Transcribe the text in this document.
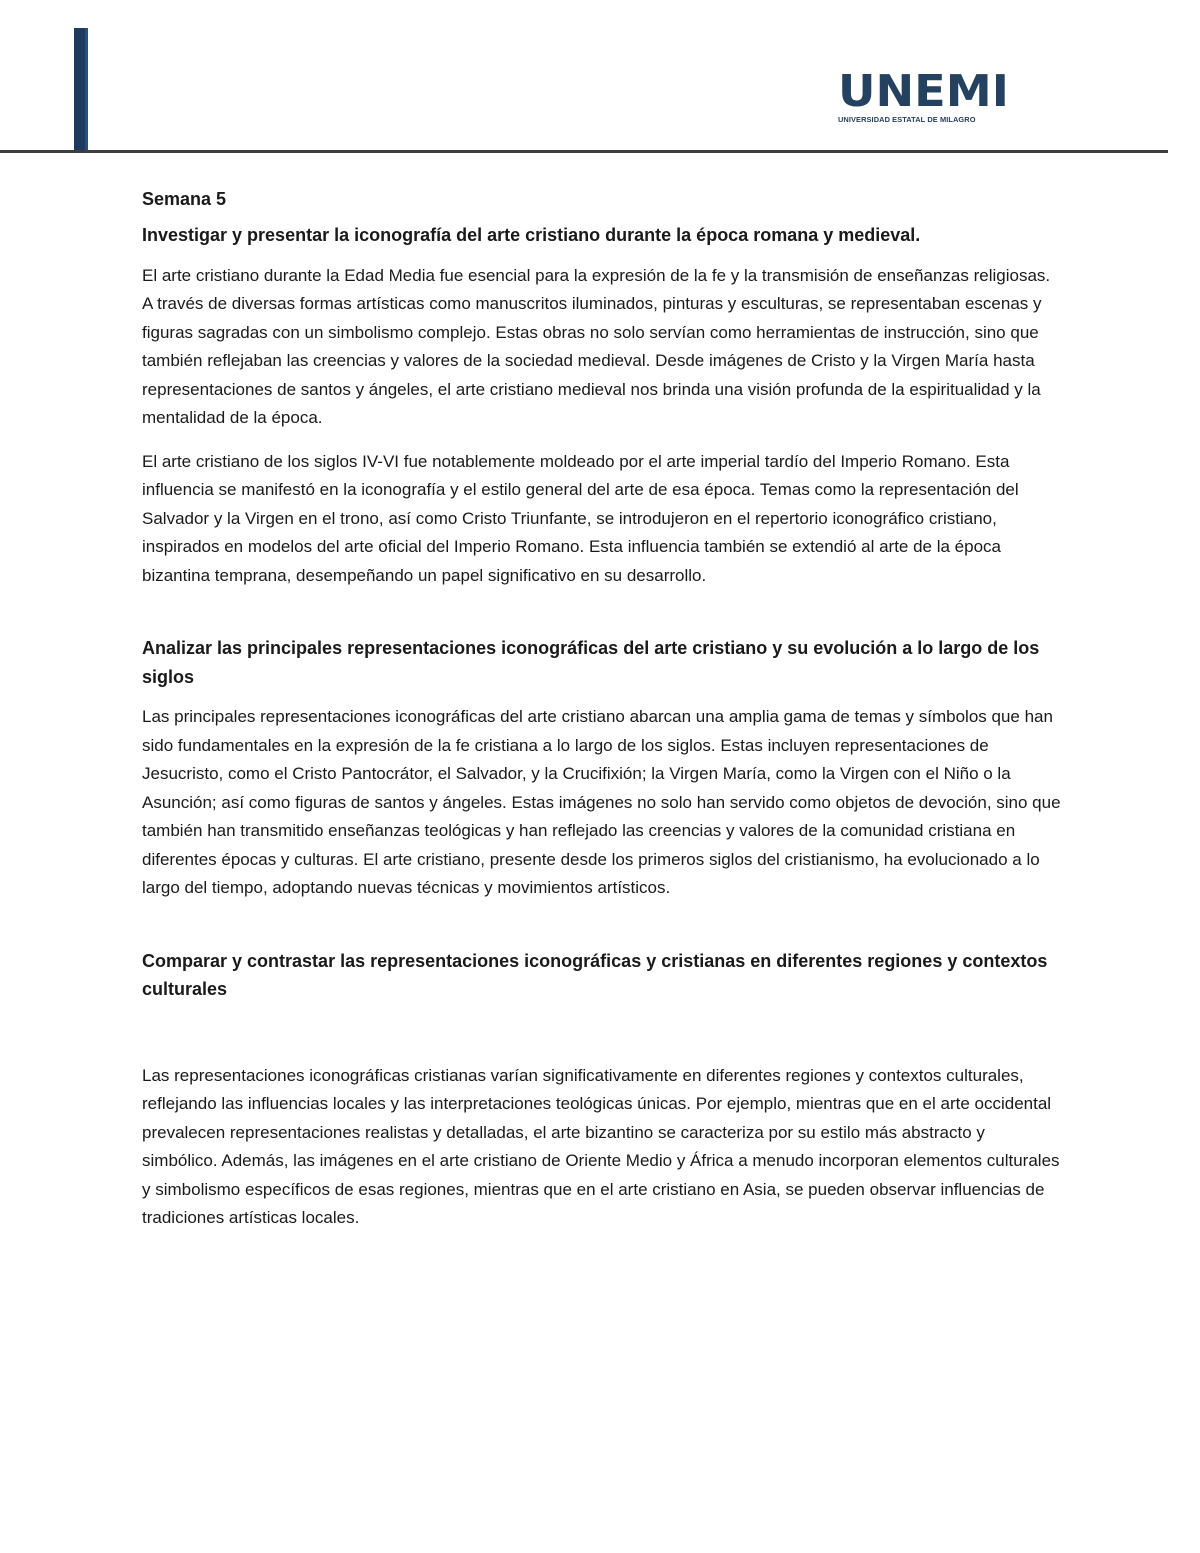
UNEMI
UNIVERSIDAD ESTATAL DE MILAGRO
Semana 5
Investigar y presentar la iconografía del arte cristiano durante la época romana y medieval.

El arte cristiano durante la Edad Media fue esencial para la expresión de la fe y la transmisión de enseñanzas religiosas. A través de diversas formas artísticas como manuscritos iluminados, pinturas y esculturas, se representaban escenas y figuras sagradas con un simbolismo complejo. Estas obras no solo servían como herramientas de instrucción, sino que también reflejaban las creencias y valores de la sociedad medieval. Desde imágenes de Cristo y la Virgen María hasta representaciones de santos y ángeles, el arte cristiano medieval nos brinda una visión profunda de la espiritualidad y la mentalidad de la época.

El arte cristiano de los siglos IV-VI fue notablemente moldeado por el arte imperial tardío del Imperio Romano. Esta influencia se manifestó en la iconografía y el estilo general del arte de esa época. Temas como la representación del Salvador y la Virgen en el trono, así como Cristo Triunfante, se introdujeron en el repertorio iconográfico cristiano, inspirados en modelos del arte oficial del Imperio Romano. Esta influencia también se extendió al arte de la época bizantina temprana, desempeñando un papel significativo en su desarrollo.

Analizar las principales representaciones iconográficas del arte cristiano y su evolución a lo largo de los siglos

Las principales representaciones iconográficas del arte cristiano abarcan una amplia gama de temas y símbolos que han sido fundamentales en la expresión de la fe cristiana a lo largo de los siglos. Estas incluyen representaciones de Jesucristo, como el Cristo Pantocrátor, el Salvador, y la Crucifixión; la Virgen María, como la Virgen con el Niño o la Asunción; así como figuras de santos y ángeles. Estas imágenes no solo han servido como objetos de devoción, sino que también han transmitido enseñanzas teológicas y han reflejado las creencias y valores de la comunidad cristiana en diferentes épocas y culturas. El arte cristiano, presente desde los primeros siglos del cristianismo, ha evolucionado a lo largo del tiempo, adoptando nuevas técnicas y movimientos artísticos.

Comparar y contrastar las representaciones iconográficas y cristianas en diferentes regiones y contextos culturales

Las representaciones iconográficas cristianas varían significativamente en diferentes regiones y contextos culturales, reflejando las influencias locales y las interpretaciones teológicas únicas. Por ejemplo, mientras que en el arte occidental prevalecen representaciones realistas y detalladas, el arte bizantino se caracteriza por su estilo más abstracto y simbólico. Además, las imágenes en el arte cristiano de Oriente Medio y África a menudo incorporan elementos culturales y simbolismo específicos de esas regiones, mientras que en el arte cristiano en Asia, se pueden observar influencias de tradiciones artísticas locales.
